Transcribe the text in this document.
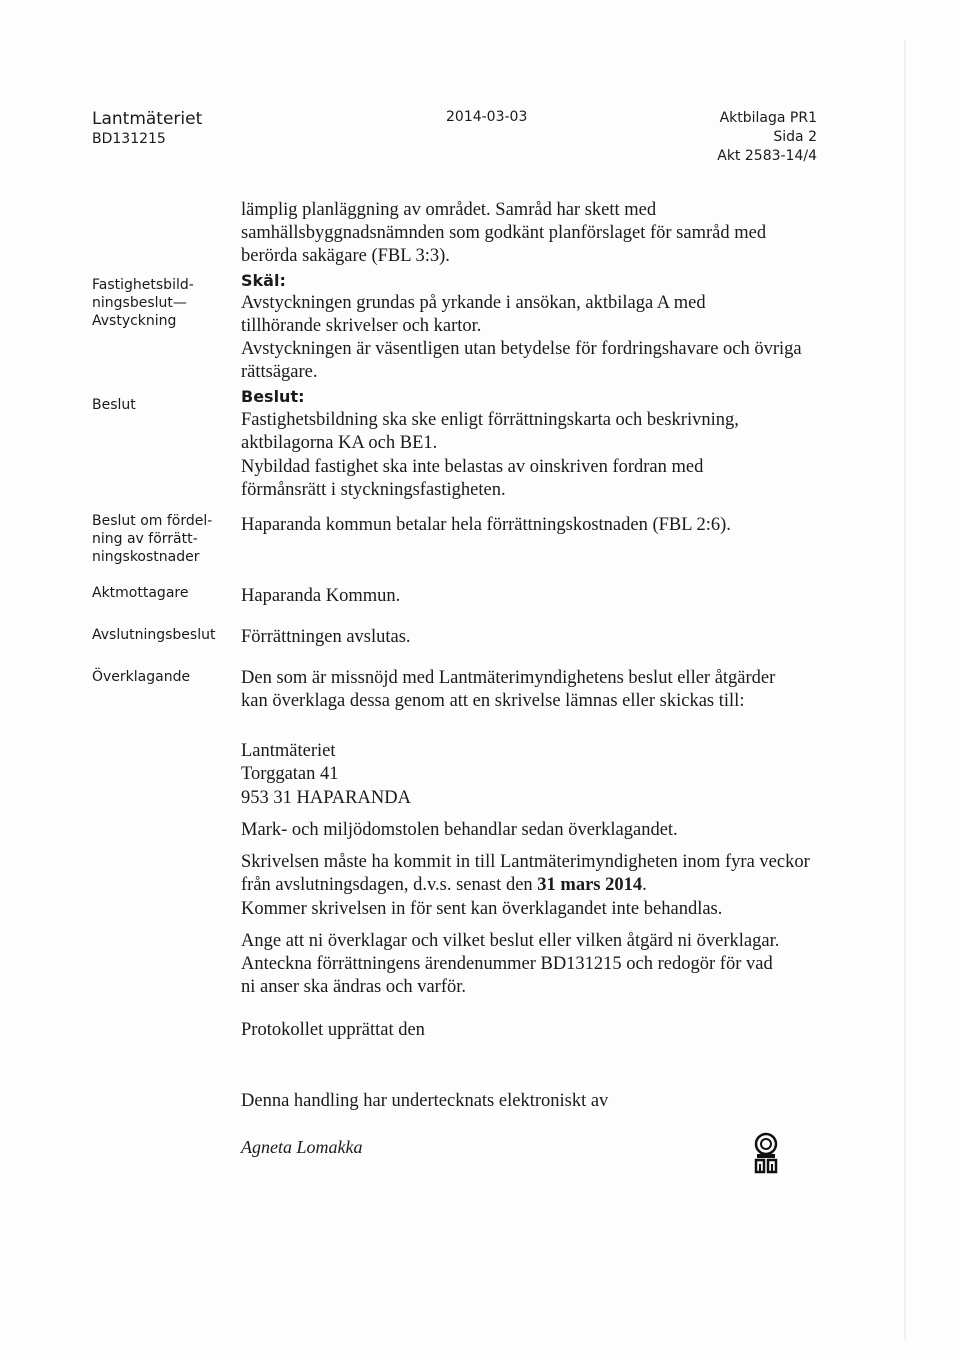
Lantmäteriet
BD131215
2014-03-03	Aktbilaga PR1
Sida 2
Akt 2583-14/4
Fastighetsbild-
ningsbeslut—
Avstyckning
Beslut
Beslut om fördel-
ning av förrätt-
ningskostnader
Aktmottagare
Avslutningsbeslut
Överklagande
lämplig planläggning av området. Samråd har skett med samhällsbyggnadsnämnden som godkänt planförslaget för samråd med berörda sakägare (FBL 3:3).
Skäl:
Avstyckningen grundas på yrkande i ansökan, aktbilaga A med tillhörande skrivelser och kartor.
Avstyckningen är väsentligen utan betydelse för fordringshavare och övriga rättsägare.
Beslut:
Fastighetsbildning ska ske enligt förrättningskarta och beskrivning, aktbilagorna KA och BE1.
Nybildad fastighet ska inte belastas av oinskriven fordran med förmånsrätt i styckningsfastigheten.
Haparanda kommun betalar hela förrättningskostnaden (FBL 2:6).
Haparanda Kommun.
Förrättningen avslutas.
Den som är missnöjd med Lantmäterimyndighetens beslut eller åtgärder kan överklaga dessa genom att en skrivelse lämnas eller skickas till:
Lantmäteriet
Torggatan 41
953 31 HAPARANDA
Mark- och miljödomstolen behandlar sedan överklagandet.
Skrivelsen måste ha kommit in till Lantmäterimyndigheten inom fyra veckor från avslutningsdagen, d.v.s. senast den 31 mars 2014.
Kommer skrivelsen in för sent kan överklagandet inte behandlas.
Ange att ni överklagar och vilket beslut eller vilken åtgärd ni överklagar. Anteckna förrättningens ärendenummer BD131215 och redogör för vad ni anser ska ändras och varför.
Protokollet upprättat den
Denna handling har undertecknats elektroniskt av
Agneta Lomakka
